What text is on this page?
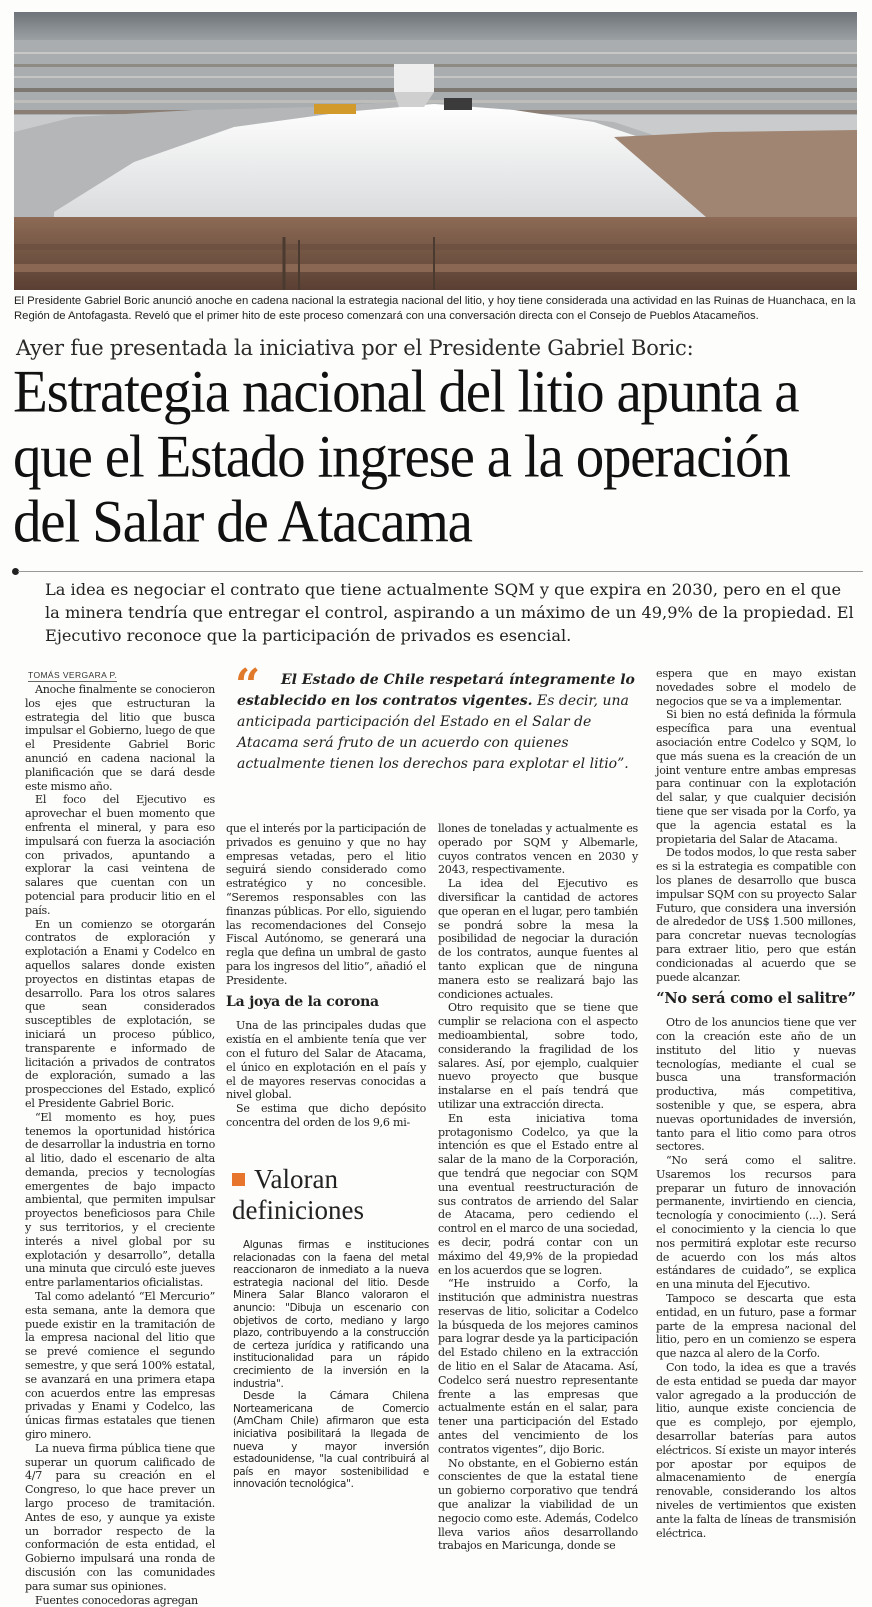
El Presidente Gabriel Boric anunció anoche en cadena nacional la estrategia nacional del litio, y hoy tiene considerada una actividad en las Ruinas de Huanchaca, en la Región de Antofagasta. Reveló que el primer hito de este proceso comenzará con una conversación directa con el Consejo de Pueblos Atacameños.

Ayer fue presentada la iniciativa por el Presidente Gabriel Boric:

Estrategia nacional del litio apunta a que el Estado ingrese a la operación del Salar de Atacama

La idea es negociar el contrato que tiene actualmente SQM y que expira en 2030, pero en el que la minera tendría que entregar el control, aspirando a un máximo de un 49,9% de la propiedad. El Ejecutivo reconoce que la participación de privados es esencial.

TOMÁS VERGARA P.

Anoche finalmente se conocieron los ejes que estructuran la estrategia del litio que busca impulsar el Gobierno, luego de que el Presidente Gabriel Boric anunció en cadena nacional la planificación que se dará desde este mismo año.

El foco del Ejecutivo es aprovechar el buen momento que enfrenta el mineral, y para eso impulsará con fuerza la asociación con privados, apuntando a explorar la casi veintena de salares que cuentan con un potencial para producir litio en el país.

En un comienzo se otorgarán contratos de exploración y explotación a Enami y Codelco en aquellos salares donde existen proyectos en distintas etapas de desarrollo. Para los otros salares que sean considerados susceptibles de explotación, se iniciará un proceso público, transparente e informado de licitación a privados de contratos de exploración, sumado a las prospecciones del Estado, explicó el Presidente Gabriel Boric.

“El momento es hoy, pues tenemos la oportunidad histórica de desarrollar la industria en torno al litio, dado el escenario de alta demanda, precios y tecnologías emergentes de bajo impacto ambiental, que permiten impulsar proyectos beneficiosos para Chile y sus territorios, y el creciente interés a nivel global por su explotación y desarrollo”, detalla una minuta que circuló este jueves entre parlamentarios oficialistas.

Tal como adelantó “El Mercurio” esta semana, ante la demora que puede existir en la tramitación de la empresa nacional del litio que se prevé comience el segundo semestre, y que será 100% estatal, se avanzará en una primera etapa con acuerdos entre las empresas privadas y Enami y Codelco, las únicas firmas estatales que tienen giro minero.

La nueva firma pública tiene que superar un quorum calificado de 4/7 para su creación en el Congreso, lo que hace prever un largo proceso de tramitación. Antes de eso, y aunque ya existe un borrador respecto de la conformación de esta entidad, el Gobierno impulsará una ronda de discusión con las comunidades para sumar sus opiniones.

Fuentes conocedoras agregan

“	El Estado de Chile respetará íntegramente lo establecido en los contratos vigentes. Es decir, una anticipada participación del Estado en el Salar de Atacama será fruto de un acuerdo con quienes actualmente tienen los derechos para explotar el litio”.

que el interés por la participación de privados es genuino y que no hay empresas vetadas, pero el litio seguirá siendo considerado como estratégico y no concesible. “Seremos responsables con las finanzas públicas. Por ello, siguiendo las recomendaciones del Consejo Fiscal Autónomo, se generará una regla que defina un umbral de gasto para los ingresos del litio”, añadió el Presidente.

La joya de la corona

Una de las principales dudas que existía en el ambiente tenía que ver con el futuro del Salar de Atacama, el único en explotación en el país y el de mayores reservas conocidas a nivel global.

Se estima que dicho depósito concentra del orden de los 9,6 mi-

Valoran definiciones

Algunas firmas e instituciones relacionadas con la faena del metal reaccionaron de inmediato a la nueva estrategia nacional del litio. Desde Minera Salar Blanco valoraron el anuncio: "Dibuja un escenario con objetivos de corto, mediano y largo plazo, contribuyendo a la construcción de certeza jurídica y ratificando una institucionalidad para un rápido crecimiento de la inversión en la industria".

Desde la Cámara Chilena Norteamericana de Comercio (AmCham Chile) afirmaron que esta iniciativa posibilitará la llegada de nueva y mayor inversión estadounidense, "la cual contribuirá al país en mayor sostenibilidad e innovación tecnológica".

llones de toneladas y actualmente es operado por SQM y Albemarle, cuyos contratos vencen en 2030 y 2043, respectivamente.

La idea del Ejecutivo es diversificar la cantidad de actores que operan en el lugar, pero también se pondrá sobre la mesa la posibilidad de negociar la duración de los contratos, aunque fuentes al tanto explican que de ninguna manera esto se realizará bajo las condiciones actuales.

Otro requisito que se tiene que cumplir se relaciona con el aspecto medioambiental, sobre todo, considerando la fragilidad de los salares. Así, por ejemplo, cualquier nuevo proyecto que busque instalarse en el país tendrá que utilizar una extracción directa.

En esta iniciativa toma protagonismo Codelco, ya que la intención es que el Estado entre al salar de la mano de la Corporación, que tendrá que negociar con SQM una eventual reestructuración de sus contratos de arriendo del Salar de Atacama, pero cediendo el control en el marco de una sociedad, es decir, podrá contar con un máximo del 49,9% de la propiedad en los acuerdos que se logren.

“He instruido a Corfo, la institución que administra nuestras reservas de litio, solicitar a Codelco la búsqueda de los mejores caminos para lograr desde ya la participación del Estado chileno en la extracción de litio en el Salar de Atacama. Así, Codelco será nuestro representante frente a las empresas que actualmente están en el salar, para tener una participación del Estado antes del vencimiento de los contratos vigentes”, dijo Boric.

No obstante, en el Gobierno están conscientes de que la estatal tiene un gobierno corporativo que tendrá que analizar la viabilidad de un negocio como este. Además, Codelco lleva varios años desarrollando trabajos en Maricunga, donde se

espera que en mayo existan novedades sobre el modelo de negocios que se va a implementar.

Si bien no está definida la fórmula específica para una eventual asociación entre Codelco y SQM, lo que más suena es la creación de un joint venture entre ambas empresas para continuar con la explotación del salar, y que cualquier decisión tiene que ser visada por la Corfo, ya que la agencia estatal es la propietaria del Salar de Atacama.

De todos modos, lo que resta saber es si la estrategia es compatible con los planes de desarrollo que busca impulsar SQM con su proyecto Salar Futuro, que considera una inversión de alrededor de US$ 1.500 millones, para concretar nuevas tecnologías para extraer litio, pero que están condicionadas al acuerdo que se puede alcanzar.

“No será como el salitre”

Otro de los anuncios tiene que ver con la creación este año de un instituto del litio y nuevas tecnologías, mediante el cual se busca una transformación productiva, más competitiva, sostenible y que, se espera, abra nuevas oportunidades de inversión, tanto para el litio como para otros sectores.

“No será como el salitre. Usaremos los recursos para preparar un futuro de innovación permanente, invirtiendo en ciencia, tecnología y conocimiento (...). Será el conocimiento y la ciencia lo que nos permitirá explotar este recurso de acuerdo con los más altos estándares de cuidado”, se explica en una minuta del Ejecutivo.

Tampoco se descarta que esta entidad, en un futuro, pase a formar parte de la empresa nacional del litio, pero en un comienzo se espera que nazca al alero de la Corfo.

Con todo, la idea es que a través de esta entidad se pueda dar mayor valor agregado a la producción de litio, aunque existe conciencia de que es complejo, por ejemplo, desarrollar baterías para autos eléctricos. Sí existe un mayor interés por apostar por equipos de almacenamiento de energía renovable, considerando los altos niveles de vertimientos que existen ante la falta de líneas de transmisión eléctrica.
